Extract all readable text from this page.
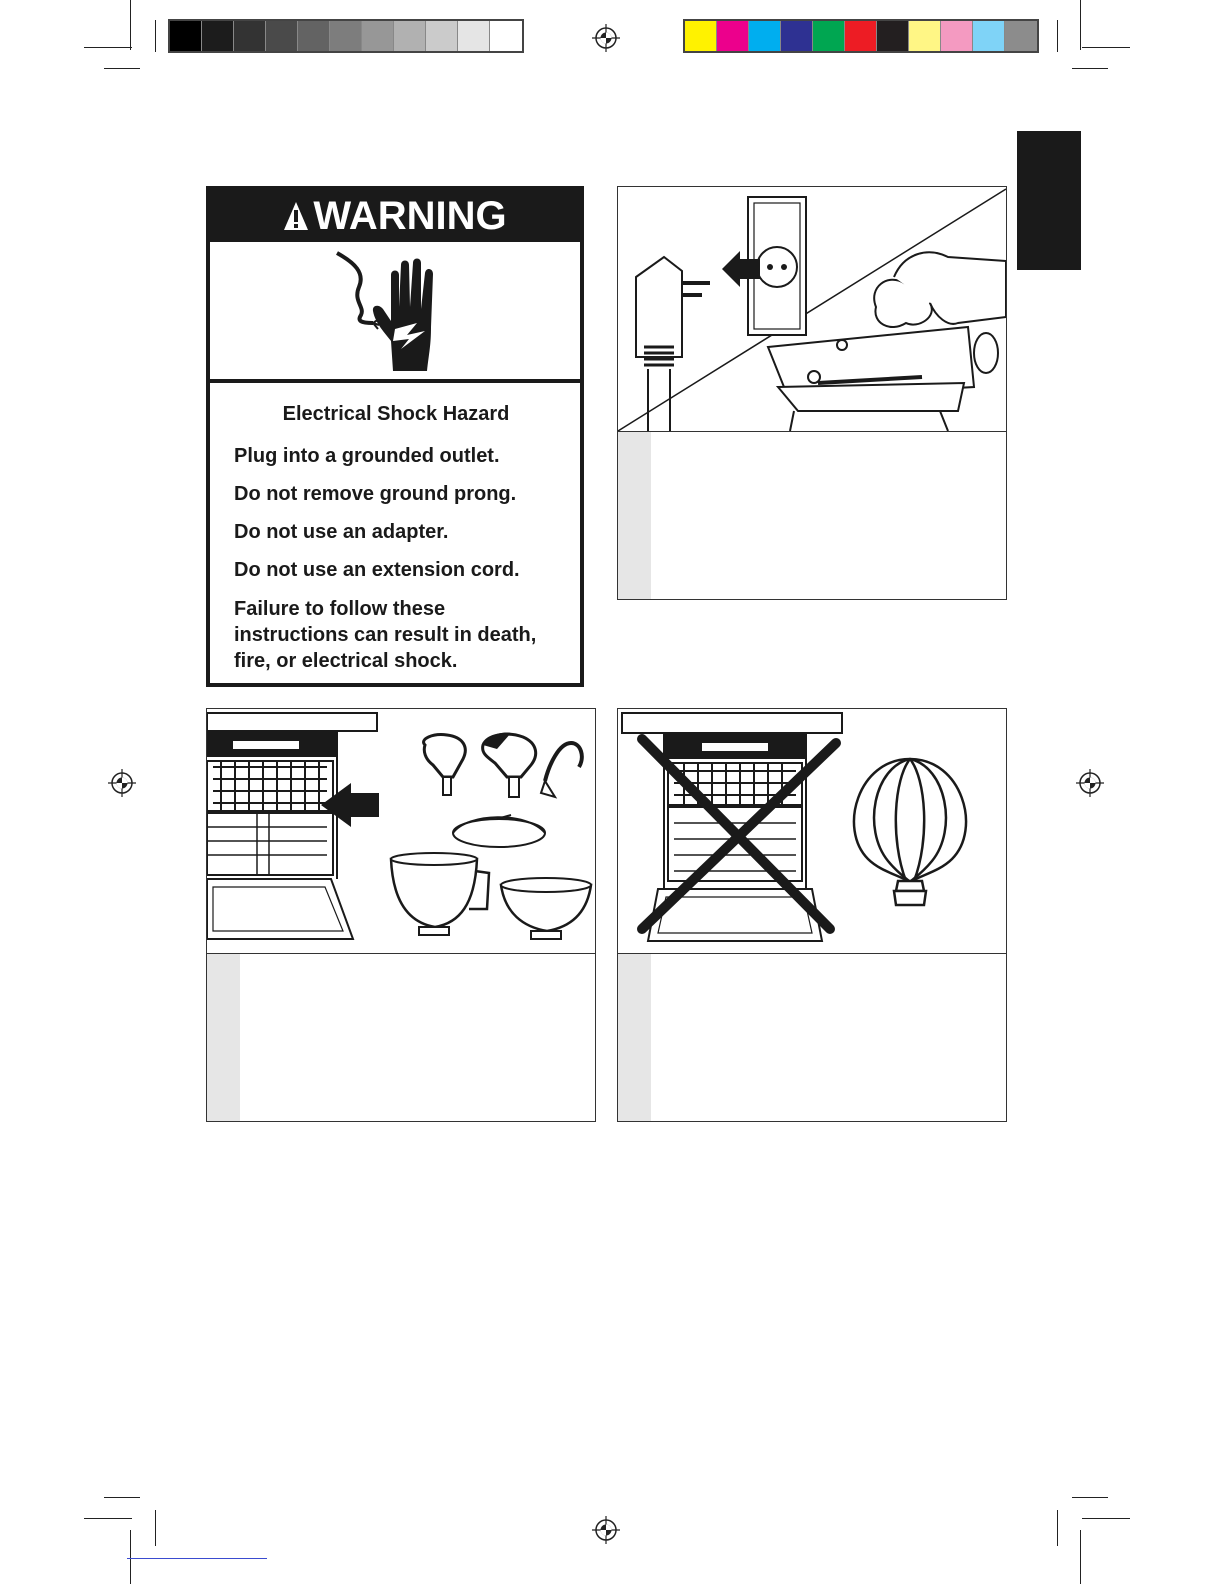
WARNING
Electrical Shock Hazard
Plug into a grounded outlet.
Do not remove ground prong.
Do not use an adapter.
Do not use an extension cord.
Failure to follow these instructions can result in death, fire, or electrical shock.
